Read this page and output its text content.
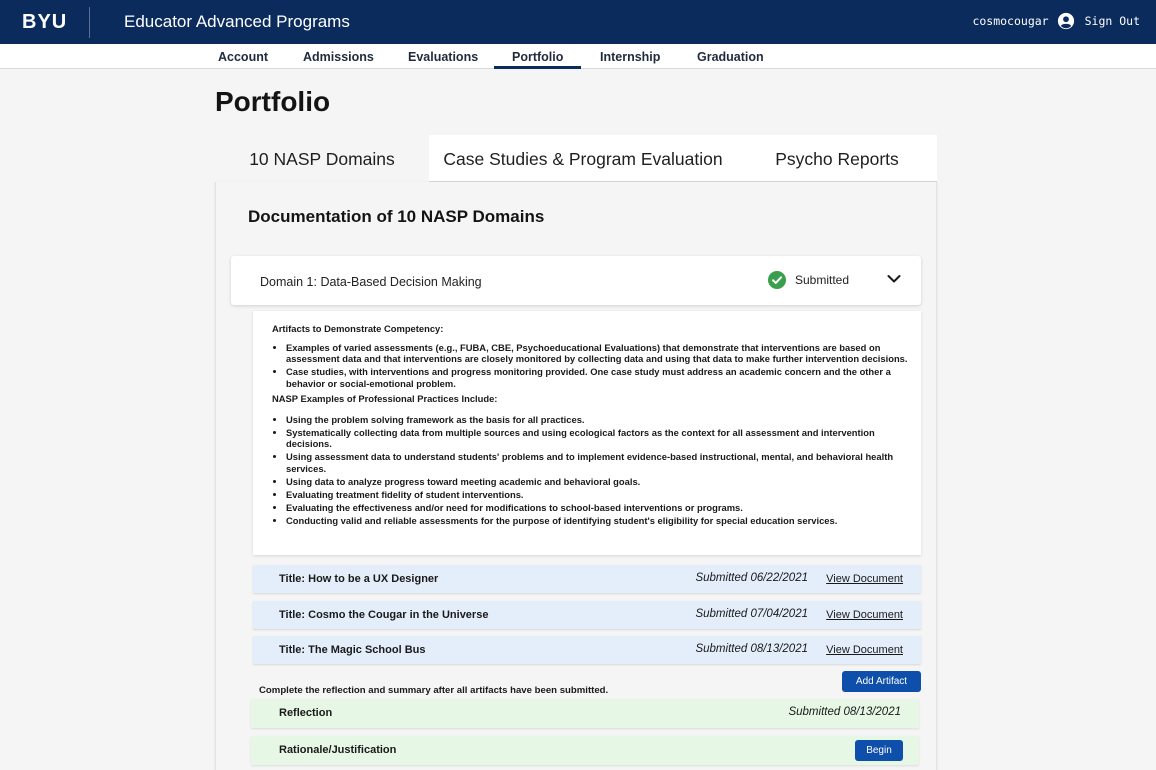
BYU	Educator Advanced Programs	cosmocougar	Sign Out
Account	Admissions	Evaluations	Portfolio	Internship	Graduation
Portfolio
10 NASP Domains	Case Studies & Program Evaluation	Psycho Reports
Documentation of 10 NASP Domains
Domain 1: Data-Based Decision Making	Submitted
Artifacts to Demonstrate Competency:
• Examples of varied assessments (e.g., FUBA, CBE, Psychoeducational Evaluations) that demonstrate that interventions are based on assessment data and that interventions are closely monitored by collecting data and using that data to make further intervention decisions.
• Case studies, with interventions and progress monitoring provided. One case study must address an academic concern and the other a behavior or social-emotional problem.
NASP Examples of Professional Practices Include:
• Using the problem solving framework as the basis for all practices.
• Systematically collecting data from multiple sources and using ecological factors as the context for all assessment and intervention decisions.
• Using assessment data to understand students' problems and to implement evidence-based instructional, mental, and behavioral health services.
• Using data to analyze progress toward meeting academic and behavioral goals.
• Evaluating treatment fidelity of student interventions.
• Evaluating the effectiveness and/or need for modifications to school-based interventions or programs.
• Conducting valid and reliable assessments for the purpose of identifying student's eligibility for special education services.
Title: How to be a UX Designer	Submitted 06/22/2021 View Document
Title: Cosmo the Cougar in the Universe	Submitted 07/04/2021 View Document
Title: The Magic School Bus	Submitted 08/13/2021 View Document
Add Artifact
Complete the reflection and summary after all artifacts have been submitted.
Reflection	Submitted 08/13/2021
Rationale/Justification	Begin
